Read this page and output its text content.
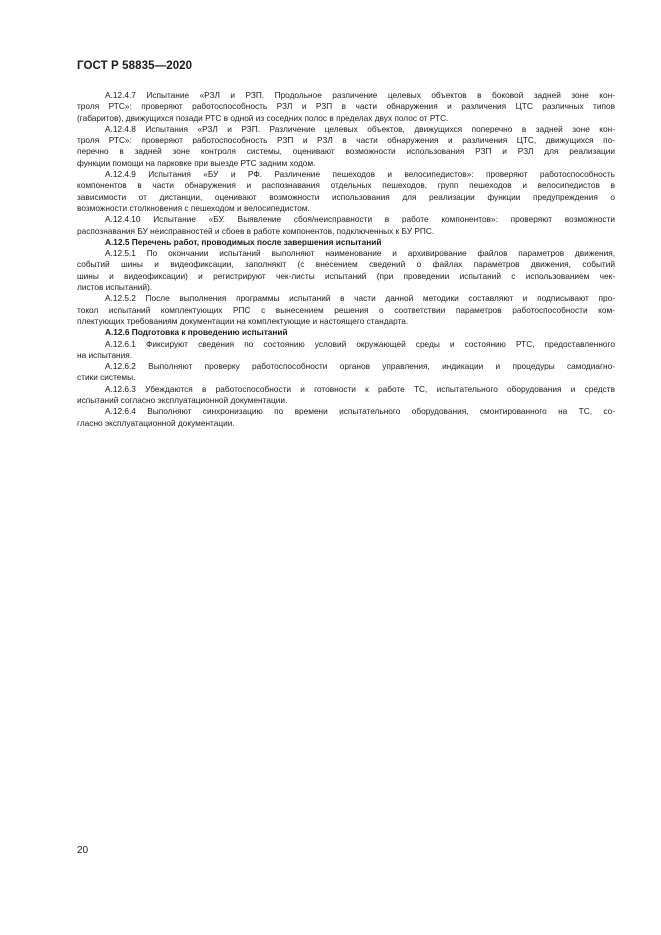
ГОСТ Р 58835—2020
А.12.4.7 Испытание «РЗЛ и РЗП. Продольное различение целевых объектов в боковой задней зоне кон-
троля РТС»: проверяют работоспособность РЗЛ и РЗП в части обнаружения и различения ЦТС различных типов
(габаритов), движущихся позади РТС в одной из соседних полос в пределах двух полос от РТС.
А.12.4.8 Испытания «РЗЛ и РЗП. Различение целевых объектов, движущихся поперечно в задней зоне кон-
троля РТС»: проверяют работоспособность РЗП и РЗЛ в части обнаружения и различения ЦТС, движущихся по-
перечно в задней зоне контроля системы, оценивают возможности использования РЗП и РЗЛ для реализации
функции помощи на парковке при выезде РТС задним ходом.
А.12.4.9 Испытания «БУ и РФ. Различение пешеходов и велосипедистов»: проверяют работоспособность
компонентов в части обнаружения и распознавания отдельных пешеходов, групп пешеходов и велосипедистов в
зависимости от дистанции, оценивают возможности использования для реализации функции предупреждения о
возможности столкновения с пешеходом и велосипедистом.
А.12.4.10 Испытание «БУ. Выявление сбоя/неисправности в работе компонентов»: проверяют возможности
распознавания БУ неисправностей и сбоев в работе компонентов, подключенных к БУ РПС.

А.12.5 Перечень работ, проводимых после завершения испытаний

А.12.5.1 По окончании испытаний выполняют наименование и архивирование файлов параметров движения,
событий шины и видеофиксации, заполняют (с внесением сведений о файлах параметров движения, событий
шины и видеофиксации) и регистрируют чек-листы испытаний (при проведении испытаний с использованием чек-
листов испытаний).
А.12.5.2 После выполнения программы испытаний в части данной методики составляют и подписывают про-
токол испытаний комплектующих РПС с вынесением решения о соответствии параметров работоспособности ком-
плектующих требованиям документации на комплектующие и настоящего стандарта.

А.12.6 Подготовка к проведению испытаний

А.12.6.1 Фиксируют сведения по состоянию условий окружающей среды и состоянию РТС, предоставленного
на испытания.
А.12.6.2 Выполняют проверку работоспособности органов управления, индикации и процедуры самодиагно-
стики системы.
А.12.6.3 Убеждаются в работоспособности и готовности к работе ТС, испытательного оборудования и средств
испытаний согласно эксплуатационной документации.
А.12.6.4 Выполняют синхронизацию по времени испытательного оборудования, смонтированного на ТС, со-
гласно эксплуатационной документации.
20
